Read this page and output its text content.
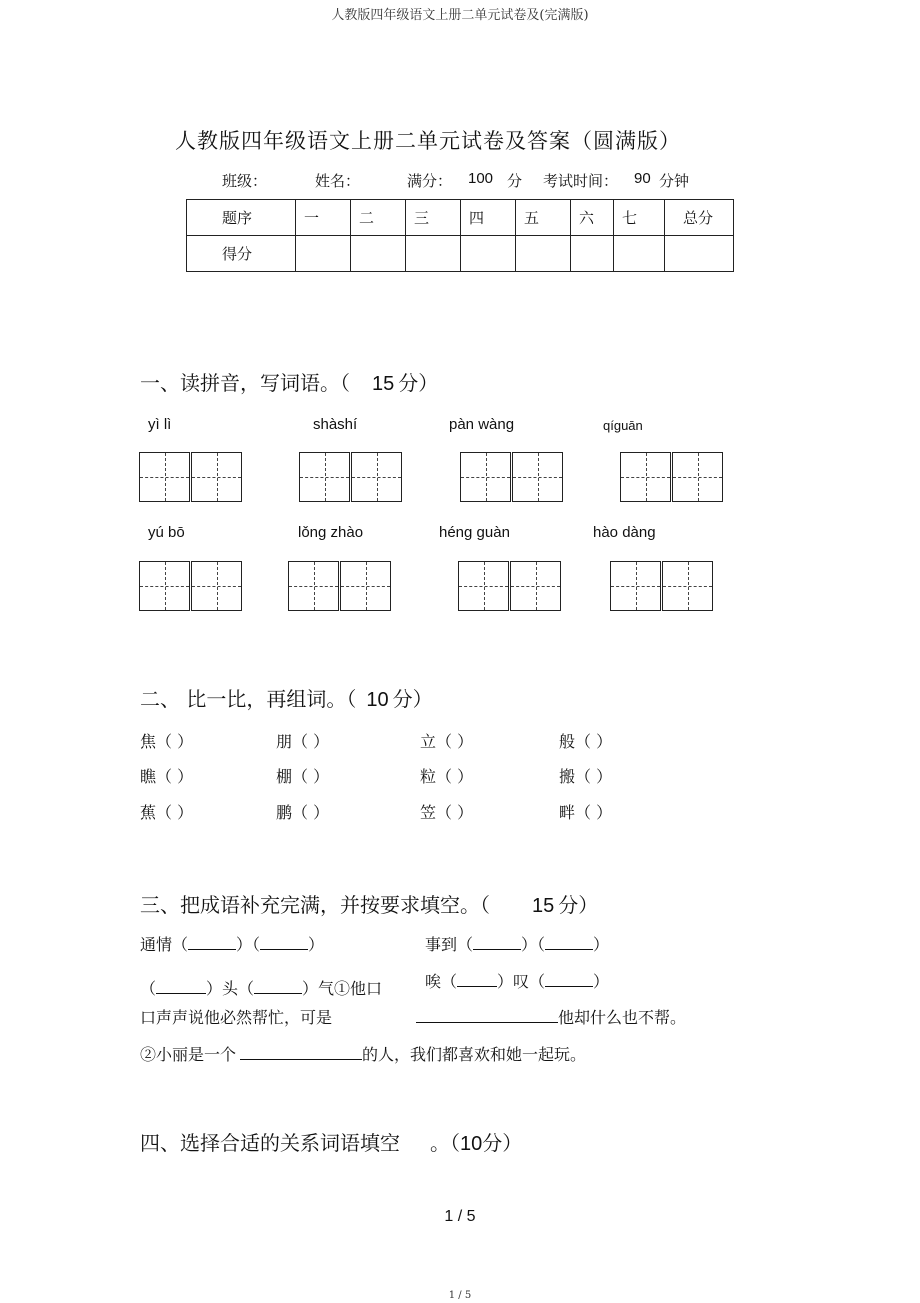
人教版四年级语文上册二单元试卷及(完满版)
人教版四年级语文上册二单元试卷及答案（圆满版）
班级：	姓名：	满分： 100 分 考试时间： 90 分钟
题序	一	二	三	四	五	六	七	总分
得分								
一、读拼音，写词语。（ 15 分）
yì lì	shàshí	pàn wàng	qíguān
yú bō	lǒng zhào	héng guàn	hào dàng
二、 比一比，再组词。（ 10 分）
焦（ ）	朋（ ）	立（ ）	般（ ）
瞧（ ）	棚（ ）	粒（ ）	搬（ ）
蕉（ ）	鹏（ ）	笠（ ）	畔（ ）
三、把成语补充完满，并按要求填空。（ 15 分）
通情（	）（	）	事到（	）（	）
（	）头（	）气①他口	唉（	）叹（	）
口声声说他必然帮忙，可是	他却什么也不帮。
②小丽是一个	的人，我们都喜欢和她一起玩。
四、选择合适的关系词语填空 。（10分）
1 / 5
1 / 5
